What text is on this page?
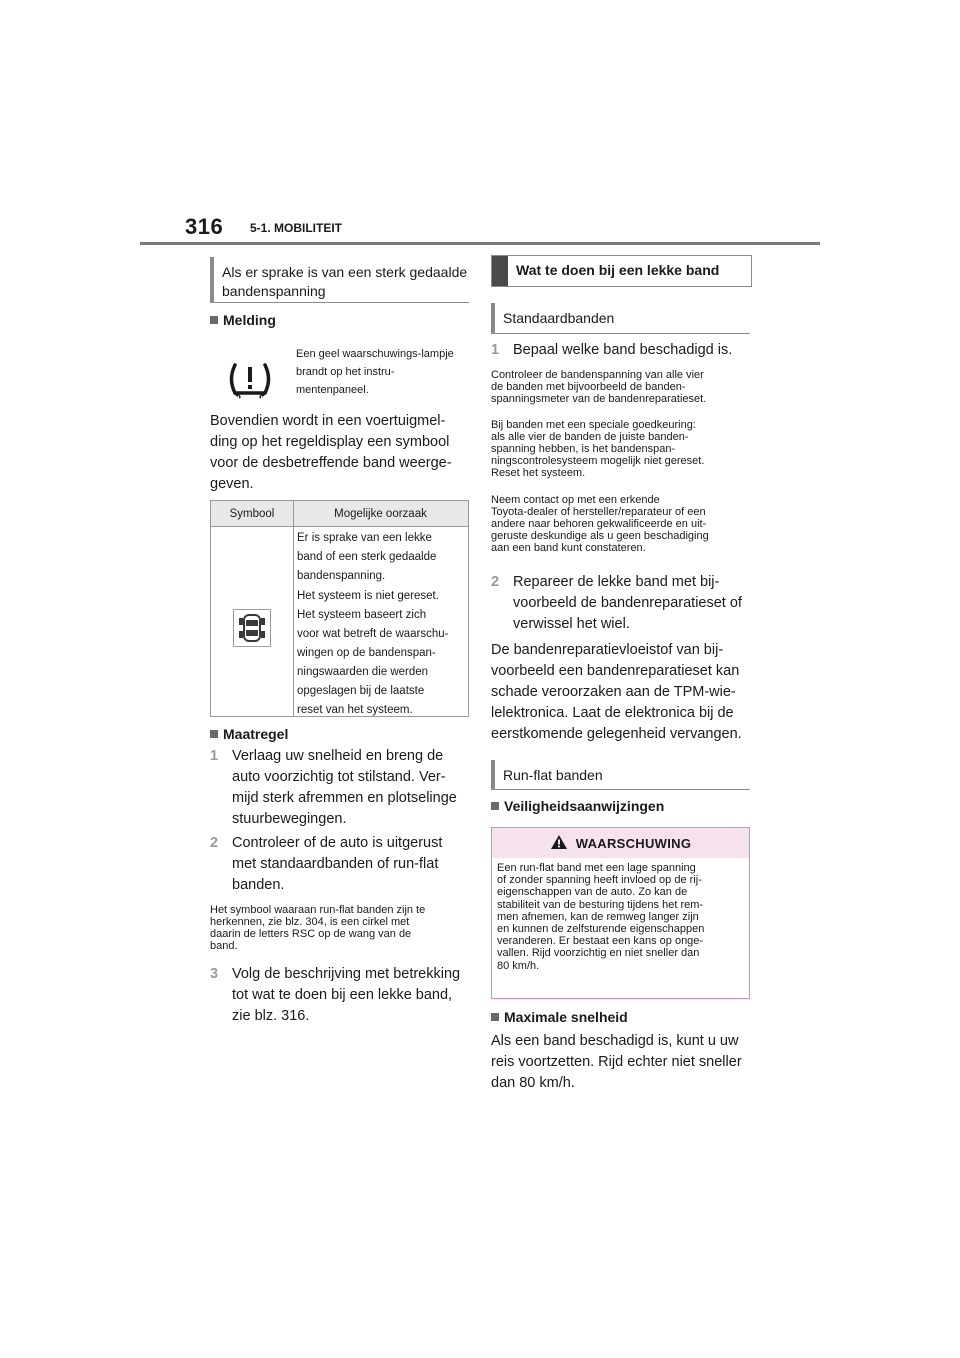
316 5-1. MOBILITEIT
Als er sprake is van een sterk gedaalde bandenspanning
Melding
Een geel waarschuwings-lampje brandt op het instru-mentenpaneel.
Bovendien wordt in een voertuigmel-
ding op het regeldisplay een symbool
voor de desbetreffende band weerge-
geven.
Symbool	Mogelijke oorzaak
Er is sprake van een lekke
band of een sterk gedaalde
bandenspanning.
Het systeem is niet gereset.
Het systeem baseert zich
voor wat betreft de waarschu-
wingen op de bandenspan-
ningswaarden die werden
opgeslagen bij de laatste
reset van het systeem.
Maatregel
1 Verlaag uw snelheid en breng de
auto voorzichtig tot stilstand. Ver-
mijd sterk afremmen en plotselinge
stuurbewegingen.
2 Controleer of de auto is uitgerust
met standaardbanden of run-flat
banden.
Het symbool waaraan run-flat banden zijn te
herkennen, zie blz. 304, is een cirkel met
daarin de letters RSC op de wang van de
band.
3 Volg de beschrijving met betrekking
tot wat te doen bij een lekke band,
zie blz. 316.
Wat te doen bij een lekke band
Standaardbanden
1 Bepaal welke band beschadigd is.
Controleer de bandenspanning van alle vier
de banden met bijvoorbeeld de banden-
spanningsmeter van de bandenreparatieset.
Bij banden met een speciale goedkeuring:
als alle vier de banden de juiste banden-
spanning hebben, is het bandenspan-
ningscontrolesysteem mogelijk niet gereset.
Reset het systeem.
Neem contact op met een erkende
Toyota-dealer of hersteller/reparateur of een
andere naar behoren gekwalificeerde en uit-
geruste deskundige als u geen beschadiging
aan een band kunt constateren.
2 Repareer de lekke band met bij-
voorbeeld de bandenreparatieset of
verwissel het wiel.
De bandenreparatievloeistof van bij-
voorbeeld een bandenreparatieset kan
schade veroorzaken aan de TPM-wie-
lelektronica. Laat de elektronica bij de
eerstkomende gelegenheid vervangen.
Run-flat banden
Veiligheidsaanwijzingen
WAARSCHUWING
Een run-flat band met een lage spanning
of zonder spanning heeft invloed op de rij-
eigenschappen van de auto. Zo kan de
stabiliteit van de besturing tijdens het rem-
men afnemen, kan de remweg langer zijn
en kunnen de zelfsturende eigenschappen
veranderen. Er bestaat een kans op onge-
vallen. Rijd voorzichtig en niet sneller dan
80 km/h.
Maximale snelheid
Als een band beschadigd is, kunt u uw
reis voortzetten. Rijd echter niet sneller
dan 80 km/h.
